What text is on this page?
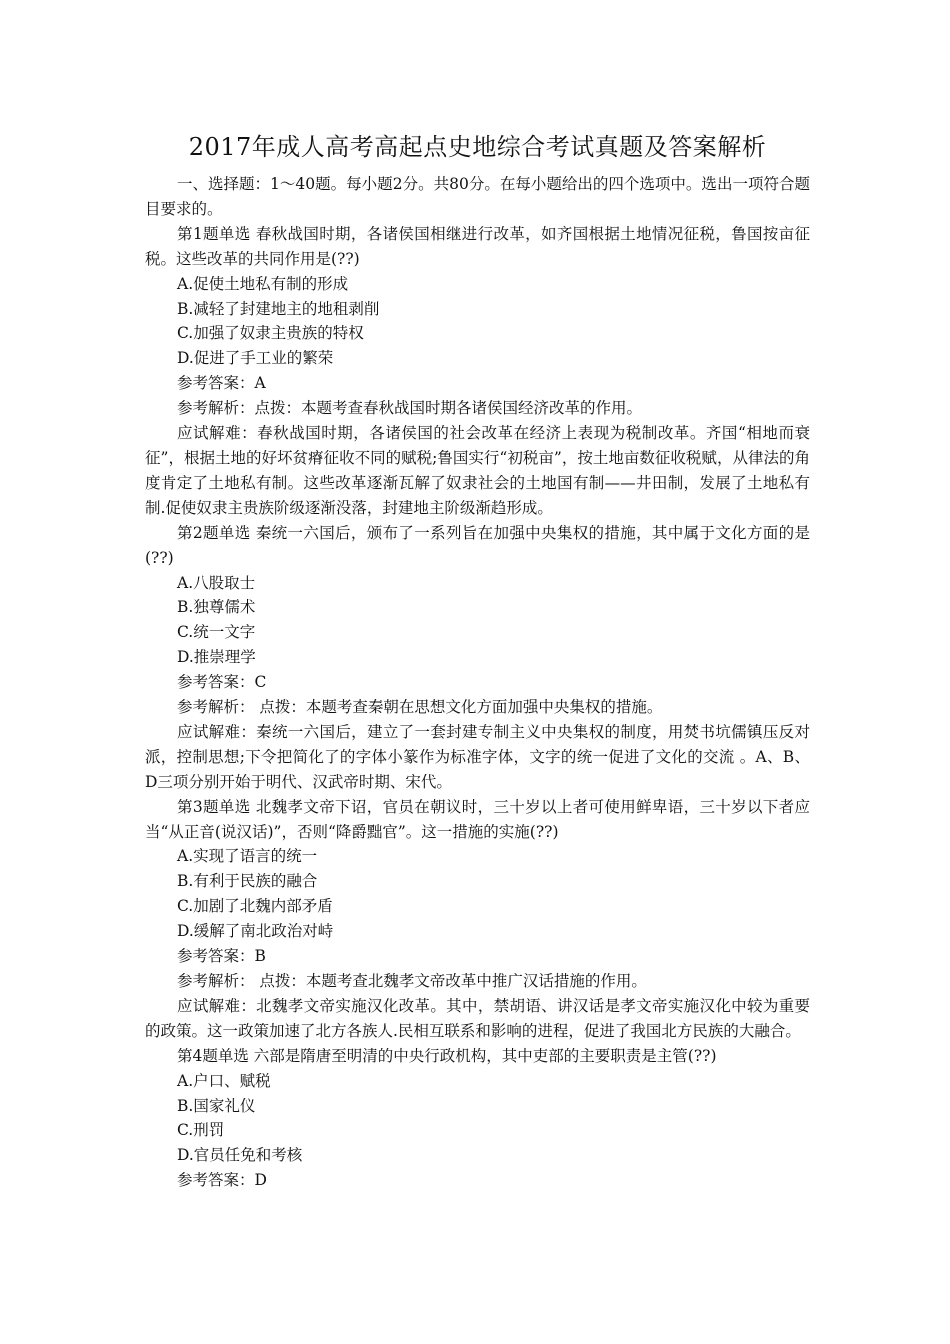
2017年成人高考高起点史地综合考试真题及答案解析

一、选择题：1～40题。每小题2分。共80分。在每小题给出的四个选项中。选出一项符合题目要求的。

第1题单选 春秋战国时期，各诸侯国相继进行改革，如齐国根据土地情况征税，鲁国按亩征税。这些改革的共同作用是(??)

A.促使土地私有制的形成

B.减轻了封建地主的地租剥削

C.加强了奴隶主贵族的特权

D.促进了手工业的繁荣

参考答案：A

参考解析：点拨：本题考查春秋战国时期各诸侯国经济改革的作用。

应试解难：春秋战国时期，各诸侯国的社会改革在经济上表现为税制改革。齐国“相地而衰征”，根据土地的好坏贫瘠征收不同的赋税;鲁国实行“初税亩”，按土地亩数征收税赋，从律法的角度肯定了土地私有制。这些改革逐渐瓦解了奴隶社会的土地国有制——井田制，发展了土地私有制.促使奴隶主贵族阶级逐渐没落，封建地主阶级渐趋形成。

第2题单选 秦统一六国后，颁布了一系列旨在加强中央集权的措施，其中属于文化方面的是(??)

A.八股取士

B.独尊儒术

C.统一文字

D.推崇理学

参考答案：C

参考解析： 点拨：本题考查秦朝在思想文化方面加强中央集权的措施。

应试解难：秦统一六国后，建立了一套封建专制主义中央集权的制度，用焚书坑儒镇压反对派，控制思想;下令把简化了的字体小篆作为标准字体，文字的统一促进了文化的交流 。A、B、D三项分别开始于明代、汉武帝时期、宋代。

第3题单选 北魏孝文帝下诏，官员在朝议时，三十岁以上者可使用鲜卑语，三十岁以下者应当“从正音(说汉话)”，否则“降爵黜官”。这一措施的实施(??)

A.实现了语言的统一

B.有利于民族的融合

C.加剧了北魏内部矛盾

D.缓解了南北政治对峙

参考答案：B

参考解析： 点拨：本题考查北魏孝文帝改革中推广汉话措施的作用。

应试解难：北魏孝文帝实施汉化改革。其中，禁胡语、讲汉话是孝文帝实施汉化中较为重要的政策。这一政策加速了北方各族人.民相互联系和影响的进程，促进了我国北方民族的大融合。

第4题单选 六部是隋唐至明清的中央行政机构，其中吏部的主要职责是主管(??)

A.户口、赋税

B.国家礼仪

C.刑罚

D.官员任免和考核

参考答案：D
